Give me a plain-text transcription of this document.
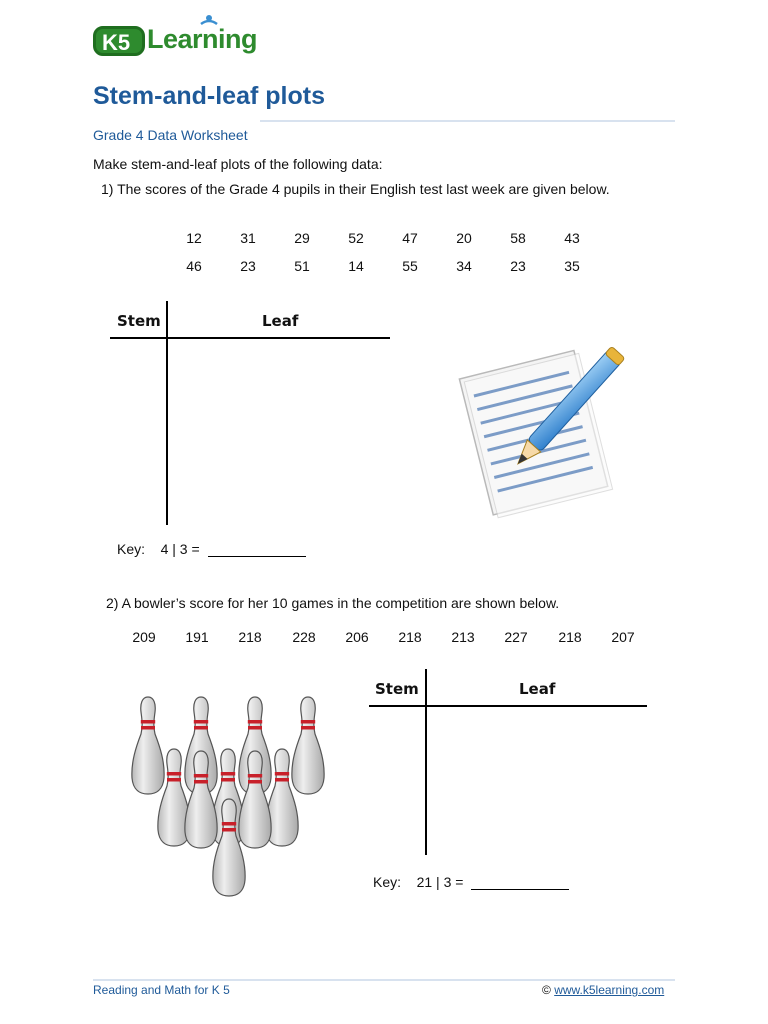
K5 Learning
Stem-and-leaf plots
Grade 4 Data Worksheet
Make stem-and-leaf plots of the following data:
1) The scores of the Grade 4 pupils in their English test last week are given below.
12	31	29	52	47	20	58	43
46	23	51	14	55	34	23	35
Stem	Leaf
Key: 4 | 3 =
2) A bowler’s score for her 10 games in the competition are shown below.
209	191	218	228	206	218	213	227	218	207
Stem	Leaf
Key: 21 | 3 =
Reading and Math for K 5	© www.k5learning.com
